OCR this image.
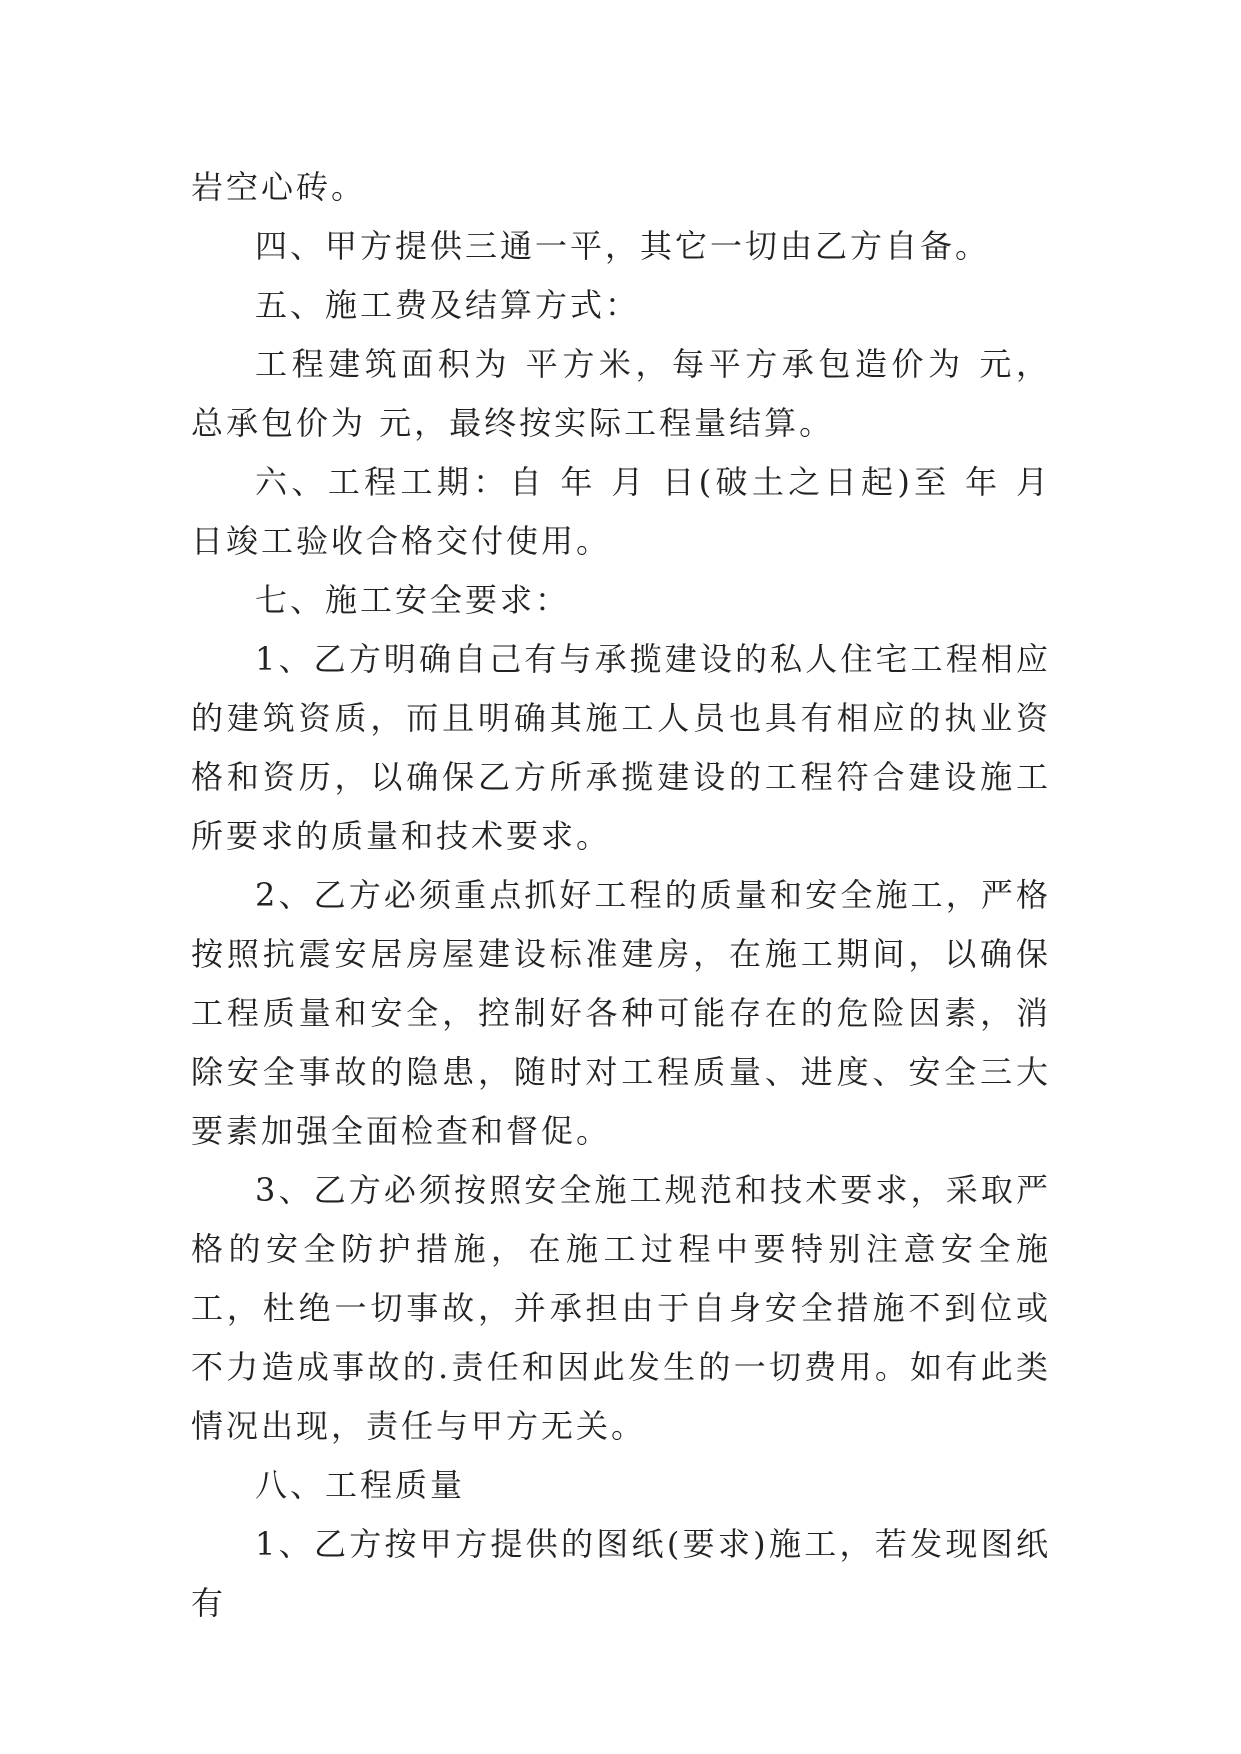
岩空心砖。

四、甲方提供三通一平，其它一切由乙方自备。

五、施工费及结算方式：

工程建筑面积为 平方米，每平方承包造价为 元，总承包价为 元，最终按实际工程量结算。

六、工程工期：自 年 月 日(破土之日起)至 年 月 日竣工验收合格交付使用。

七、施工安全要求：

1、乙方明确自己有与承揽建设的私人住宅工程相应的建筑资质，而且明确其施工人员也具有相应的执业资格和资历，以确保乙方所承揽建设的工程符合建设施工所要求的质量和技术要求。

2、乙方必须重点抓好工程的质量和安全施工，严格按照抗震安居房屋建设标准建房，在施工期间，以确保工程质量和安全，控制好各种可能存在的危险因素，消除安全事故的隐患，随时对工程质量、进度、安全三大要素加强全面检查和督促。

3、乙方必须按照安全施工规范和技术要求，采取严格的安全防护措施，在施工过程中要特别注意安全施工，杜绝一切事故，并承担由于自身安全措施不到位或不力造成事故的.责任和因此发生的一切费用。如有此类情况出现，责任与甲方无关。

八、工程质量

1、乙方按甲方提供的图纸(要求)施工，若发现图纸有
